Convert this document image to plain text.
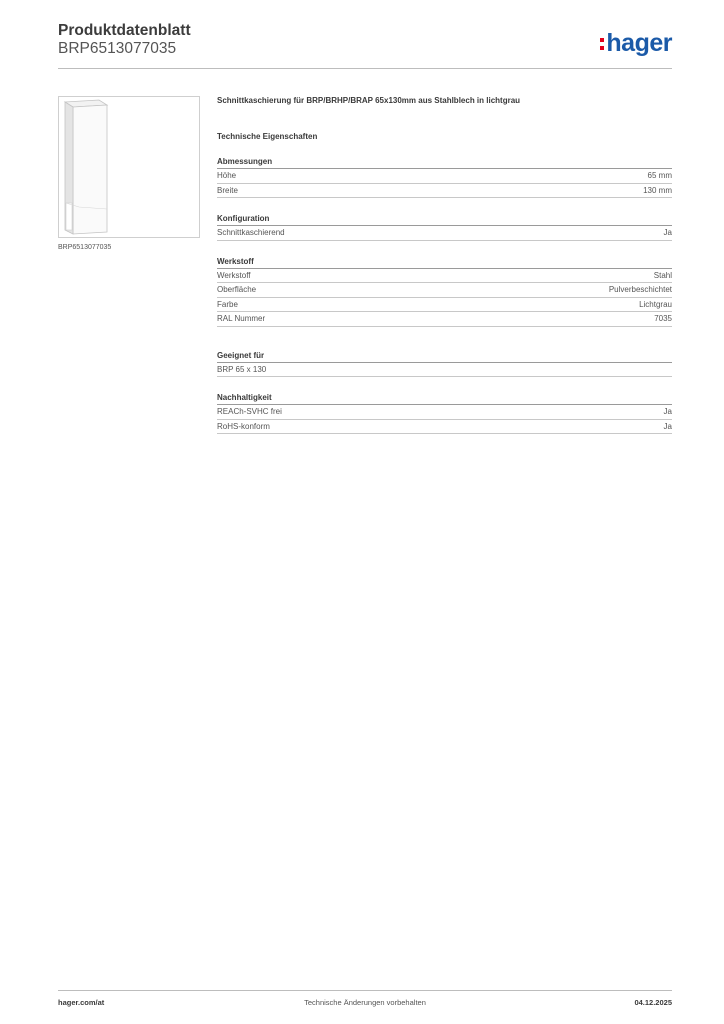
Produktdatenblatt
BRP6513077035	hager
BRP6513077035
Schnittkaschierung für BRP/BRHP/BRAP 65x130mm aus Stahlblech in lichtgrau
Technische Eigenschaften
Abmessungen
Höhe	65 mm
Breite	130 mm
Konfiguration
Schnittkaschierend	Ja
Werkstoff
Werkstoff	Stahl
Oberfläche	Pulverbeschichtet
Farbe	Lichtgrau
RAL Nummer	7035
Geeignet für
BRP 65 x 130
Nachhaltigkeit
REACh-SVHC frei	Ja
RoHS-konform	Ja
hager.com/at	Technische Änderungen vorbehalten	04.12.2025
